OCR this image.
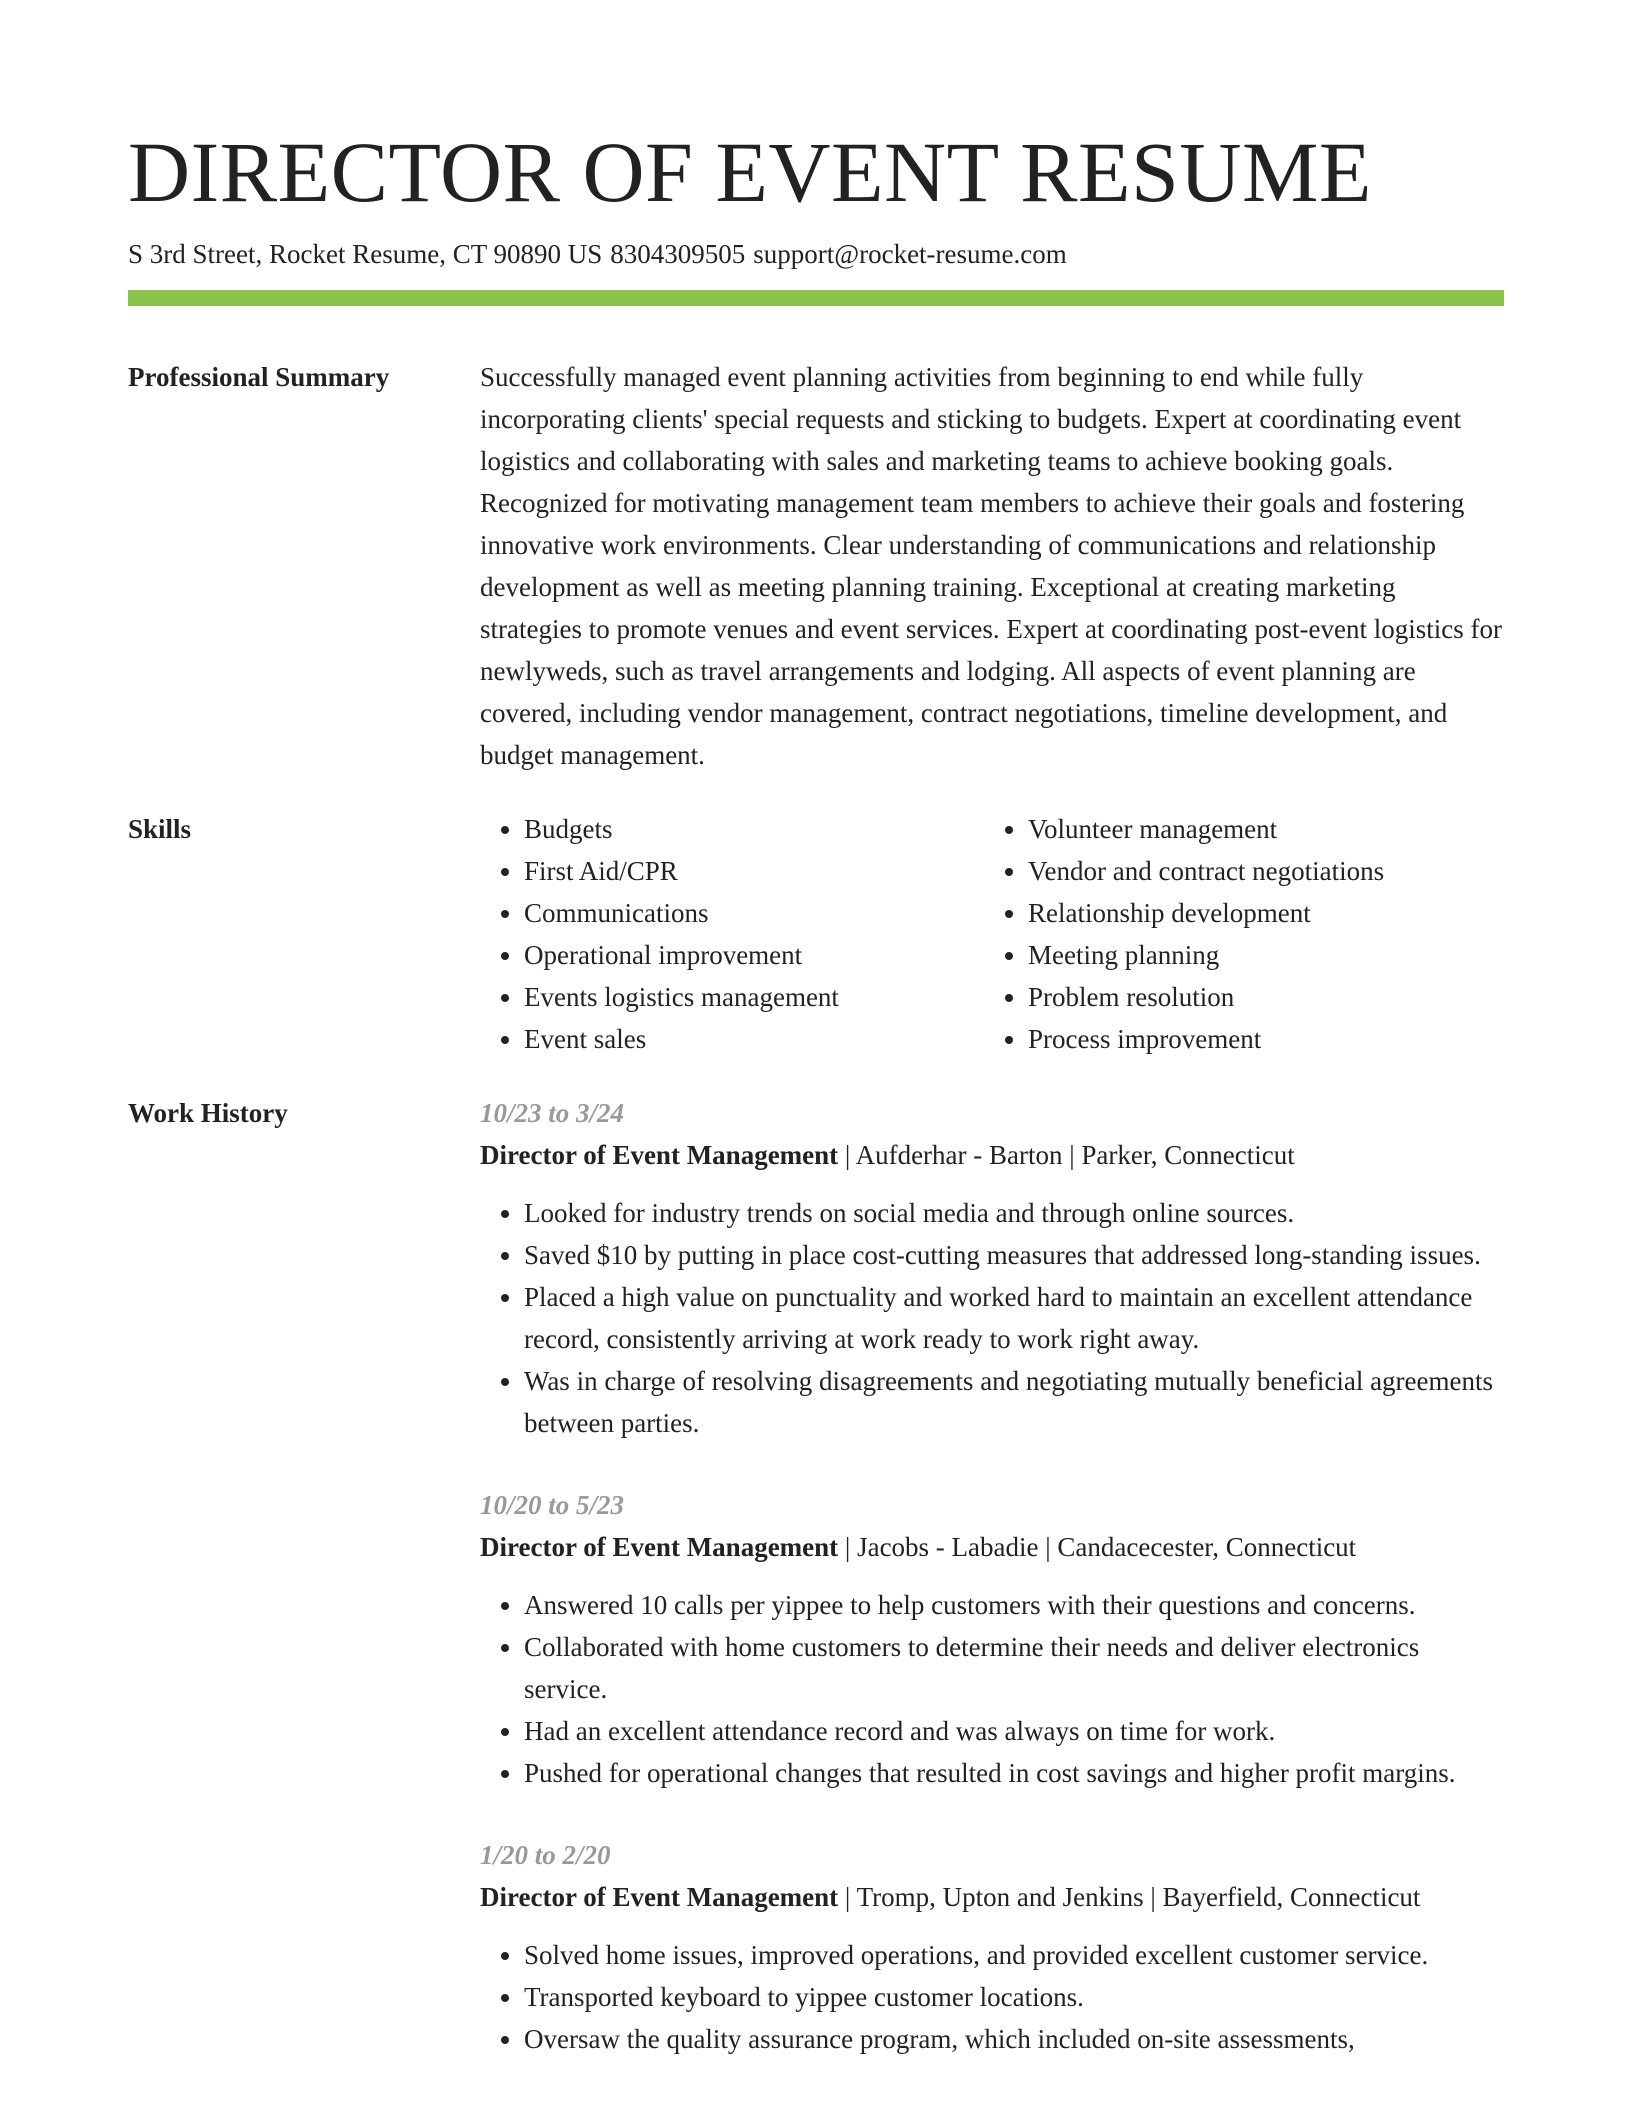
DIRECTOR OF EVENT RESUME
S 3rd Street, Rocket Resume, CT 90890 US 8304309505 support@rocket-resume.com
Professional Summary	Successfully managed event planning activities from beginning to end while fully incorporating clients' special requests and sticking to budgets. Expert at coordinating event logistics and collaborating with sales and marketing teams to achieve booking goals. Recognized for motivating management team members to achieve their goals and fostering innovative work environments. Clear understanding of communications and relationship development as well as meeting planning training. Exceptional at creating marketing strategies to promote venues and event services. Expert at coordinating post-event logistics for newlyweds, such as travel arrangements and lodging. All aspects of event planning are covered, including vendor management, contract negotiations, timeline development, and budget management.

Skills
•	Budgets
• First Aid/CPR
• Communications
• Operational improvement
• Events logistics management
• Event sales
• Volunteer management
• Vendor and contract negotiations
• Relationship development
• Meeting planning
• Problem resolution
• Process improvement
Work History	10/23 to 3/24
Director of Event Management | Aufderhar - Barton | Parker, Connecticut
• Looked for industry trends on social media and through online sources.
• Saved $10 by putting in place cost-cutting measures that addressed long-standing issues.
• Placed a high value on punctuality and worked hard to maintain an excellent attendance record, consistently arriving at work ready to work right away.
• Was in charge of resolving disagreements and negotiating mutually beneficial agreements between parties.
10/20 to 5/23
Director of Event Management | Jacobs - Labadie | Candacecester, Connecticut
• Answered 10 calls per yippee to help customers with their questions and concerns.
• Collaborated with home customers to determine their needs and deliver electronics service.
• Had an excellent attendance record and was always on time for work.
• Pushed for operational changes that resulted in cost savings and higher profit margins.
1/20 to 2/20
Director of Event Management | Tromp, Upton and Jenkins | Bayerfield, Connecticut
• Solved home issues, improved operations, and provided excellent customer service.
• Transported keyboard to yippee customer locations.
• Oversaw the quality assurance program, which included on-site assessments,
